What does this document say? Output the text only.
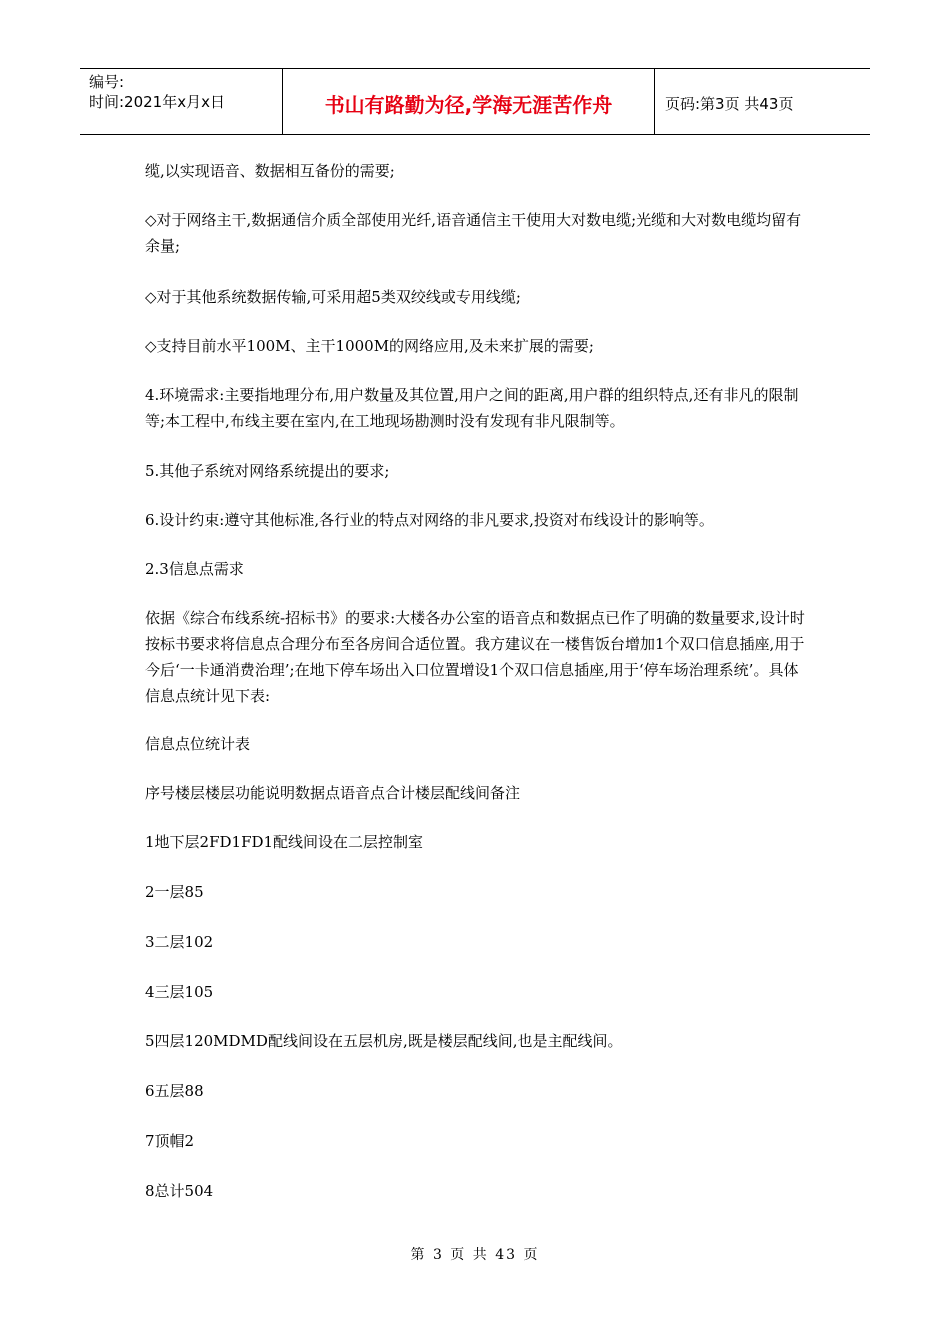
编号:
时间:2021年x月x日	书山有路勤为径,学海无涯苦作舟	页码:第3页 共43页
缆,以实现语音、数据相互备份的需要;
◇对于网络主干,数据通信介质全部使用光纤,语音通信主干使用大对数电缆;光缆和大对数电缆均留有余量;
◇对于其他系统数据传输,可采用超5类双绞线或专用线缆;
◇支持目前水平100M、主干1000M的网络应用,及未来扩展的需要;
4.环境需求:主要指地理分布,用户数量及其位置,用户之间的距离,用户群的组织特点,还有非凡的限制等;本工程中,布线主要在室内,在工地现场勘测时没有发现有非凡限制等。
5.其他子系统对网络系统提出的要求;
6.设计约束:遵守其他标准,各行业的特点对网络的非凡要求,投资对布线设计的影响等。
2.3信息点需求
依据《综合布线系统-招标书》的要求:大楼各办公室的语音点和数据点已作了明确的数量要求,设计时按标书要求将信息点合理分布至各房间合适位置。我方建议在一楼售饭台增加1个双口信息插座,用于今后‘一卡通消费治理’;在地下停车场出入口位置增设1个双口信息插座,用于‘停车场治理系统’。具体信息点统计见下表:
信息点位统计表
序号楼层楼层功能说明数据点语音点合计楼层配线间备注
1地下层2FD1FD1配线间设在二层控制室
2一层85
3二层102
4三层105
5四层120MDMD配线间设在五层机房,既是楼层配线间,也是主配线间。
6五层88
7顶帽2
8总计504
第 3 页 共 43 页
